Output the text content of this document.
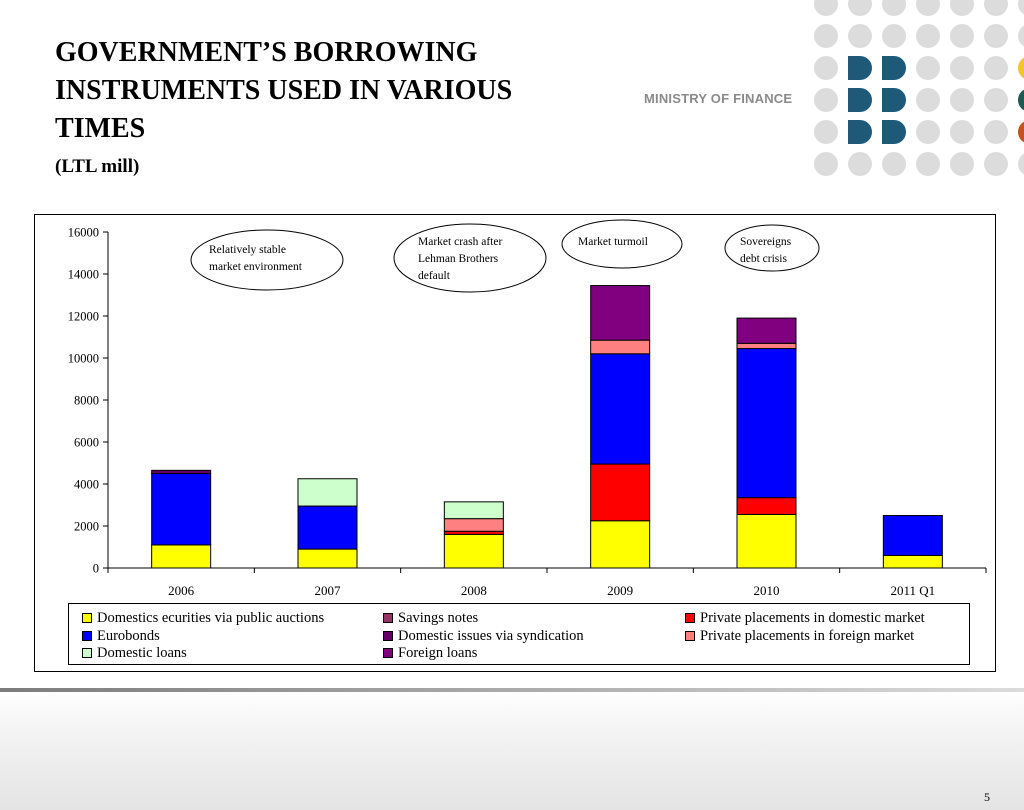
GOVERNMENT’S BORROWING
INSTRUMENTS USED IN VARIOUS
TIMES
(LTL mill)
MINISTRY OF FINANCE
0
2000
4000
6000
8000
10000
12000
14000
16000
2006	2007	2008	2009	2010	2011 Q1
Relatively stable market environment
Market crash after Lehman Brothers default
Market turmoil	Sovereigns debt crisis
Domestics ecurities via public auctions	Savings notes	Private placements in domestic market
Eurobonds	Domestic issues via syndication	Private placements in foreign market
Domestic loans	Foreign loans
5
